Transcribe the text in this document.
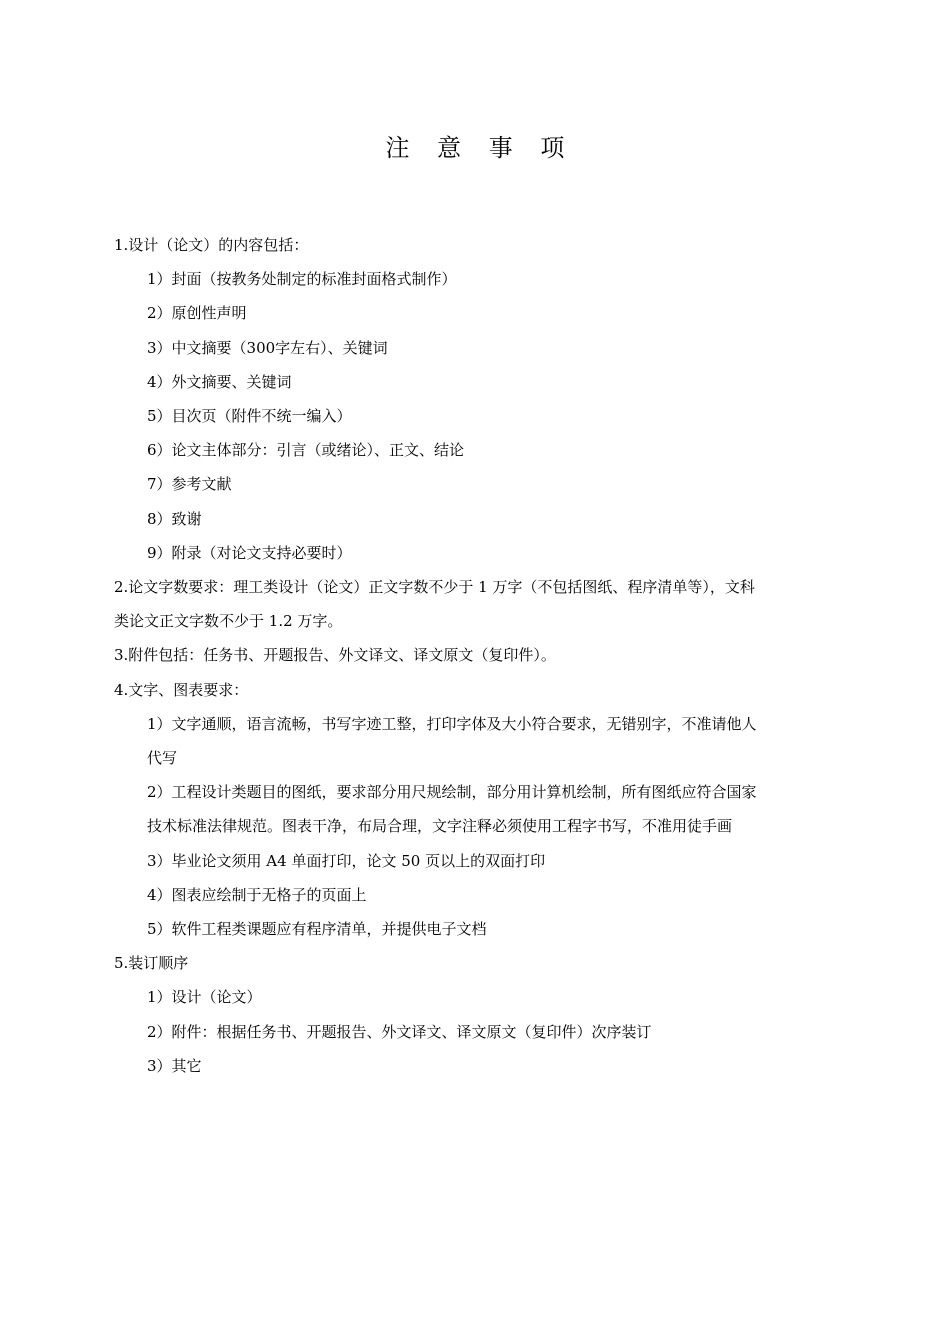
注 意 事 项

1.设计（论文）的内容包括：

1）封面（按教务处制定的标准封面格式制作）

2）原创性声明

3）中文摘要（300字左右）、关键词

4）外文摘要、关键词

5）目次页（附件不统一编入）

6）论文主体部分：引言（或绪论）、正文、结论

7）参考文献

8）致谢

9）附录（对论文支持必要时）

2.论文字数要求：理工类设计（论文）正文字数不少于 1 万字（不包括图纸、程序清单等），文科

类论文正文字数不少于 1.2 万字。

3.附件包括：任务书、开题报告、外文译文、译文原文（复印件）。

4.文字、图表要求：

1）文字通顺，语言流畅，书写字迹工整，打印字体及大小符合要求，无错别字，不准请他人

代写

2）工程设计类题目的图纸，要求部分用尺规绘制，部分用计算机绘制，所有图纸应符合国家

技术标准法律规范。图表干净，布局合理，文字注释必须使用工程字书写，不准用徒手画

3）毕业论文须用 A4 单面打印，论文 50 页以上的双面打印

4）图表应绘制于无格子的页面上

5）软件工程类课题应有程序清单，并提供电子文档

5.装订顺序

1）设计（论文）

2）附件：根据任务书、开题报告、外文译文、译文原文（复印件）次序装订

3）其它
